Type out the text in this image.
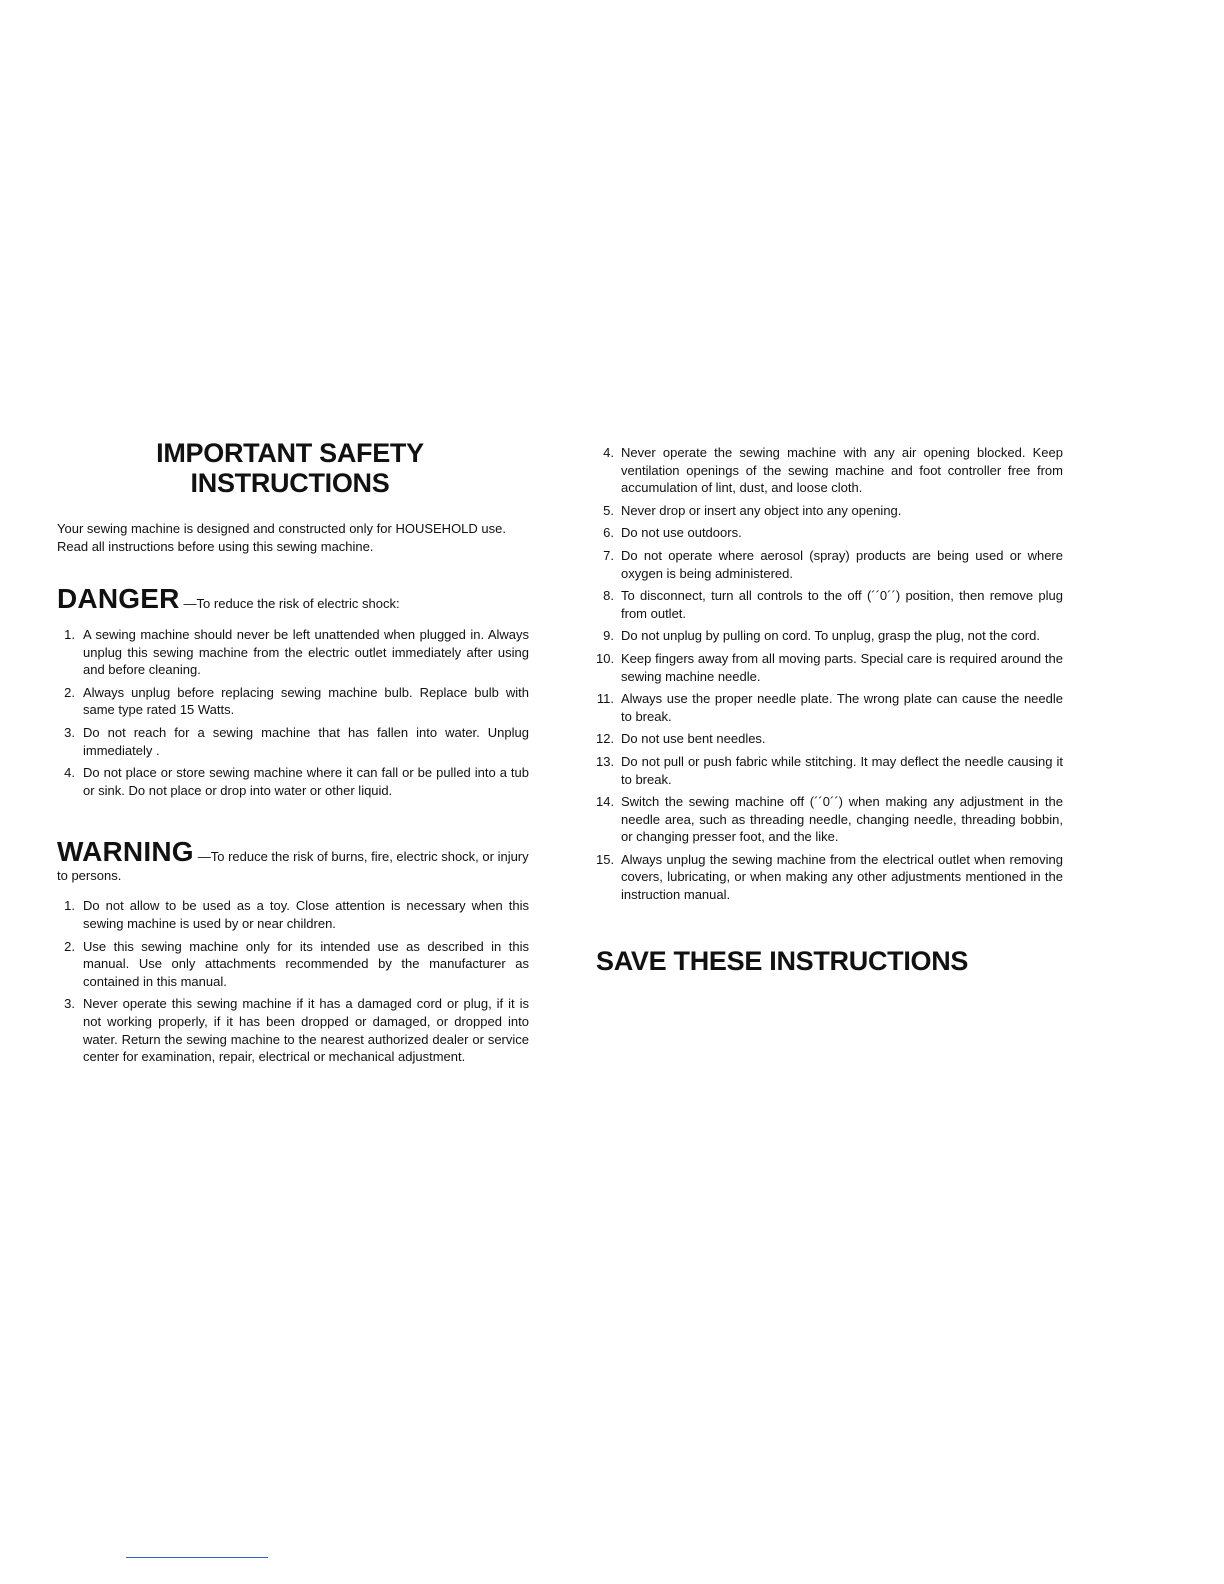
IMPORTANT SAFETY
INSTRUCTIONS

Your sewing machine is designed and constructed only for HOUSEHOLD use.

Read all instructions before using this sewing machine.

DANGER —To reduce the risk of electric shock:

1. A sewing machine should never be left unattended when plugged in. Always unplug this sewing machine from the electric outlet immediately after using and before cleaning.
2. Always unplug before replacing sewing machine bulb. Replace bulb with same type rated 15 Watts.
3. Do not reach for a sewing machine that has fallen into water. Unplug immediately .
4. Do not place or store sewing machine where it can fall or be pulled into a tub or sink. Do not place or drop into water or other liquid.

WARNING —To reduce the risk of burns, fire, electric shock, or injury to persons.

1. Do not allow to be used as a toy. Close attention is necessary when this sewing machine is used by or near children.
2. Use this sewing machine only for its intended use as described in this manual. Use only attachments recommended by the manufacturer as contained in this manual.
3. Never operate this sewing machine if it has a damaged cord or plug, if it is not working properly, if it has been dropped or damaged, or dropped into water. Return the sewing machine to the nearest authorized dealer or service center for examination, repair, electrical or mechanical adjustment.
4. Never operate the sewing machine with any air opening blocked. Keep ventilation openings of the sewing machine and foot controller free from accumulation of lint, dust, and loose cloth.
5. Never drop or insert any object into any opening.
6. Do not use outdoors.
7. Do not operate where aerosol (spray) products are being used or where oxygen is being administered.
8. To disconnect, turn all controls to the off (´´0´´) position, then remove plug from outlet.
9. Do not unplug by pulling on cord. To unplug, grasp the plug, not the cord.
10. Keep fingers away from all moving parts. Special care is required around the sewing machine needle.
11. Always use the proper needle plate. The wrong plate can cause the needle to break.
12. Do not use bent needles.
13. Do not pull or push fabric while stitching. It may deflect the needle causing it to break.
14. Switch the sewing machine off (´´0´´) when making any adjustment in the needle area, such as threading needle, changing needle, threading bobbin, or changing presser foot, and the like.
15. Always unplug the sewing machine from the electrical outlet when removing covers, lubricating, or when making any other adjustments mentioned in the instruction manual.
SAVE THESE INSTRUCTIONS
